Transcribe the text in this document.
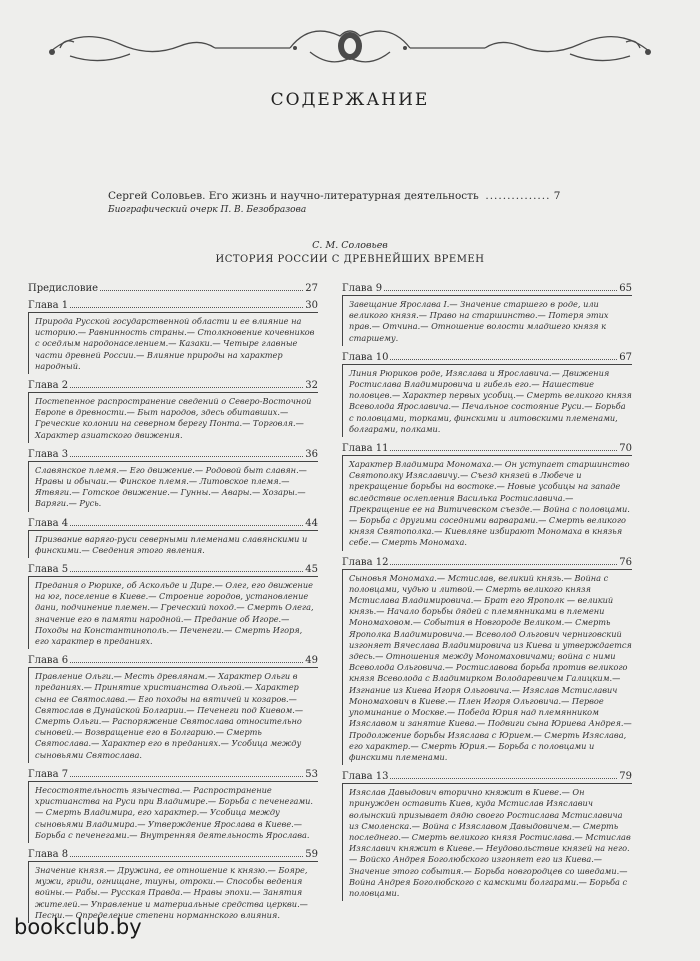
СОДЕРЖАНИЕ
Сергей Соловьев. Его жизнь и научно-литературная деятельность ............... 7
Биографический очерк П. В. Безобразова
С. М. Соловьев
ИСТОРИЯ РОССИИ С ДРЕВНЕЙШИХ ВРЕМЕН
Предисловие	27
Глава 1	30
Природа Русской государственной области и ее влияние на историю.— Равнинность страны.— Столкновение кочевников с оседлым народонаселением.— Казаки.— Четыре главные части древней России.— Влияние природы на характер народный.
Глава 2	32
Постепенное распространение сведений о Северо-Восточной Европе в древности.— Быт народов, здесь обитавших.— Греческие колонии на северном берегу Понта.— Торговля.— Характер азиатского движения.
Глава 3	36
Славянское племя.— Его движение.— Родовой быт славян.— Нравы и обычаи.— Финское племя.— Литовское племя.— Ятвяги.— Готское движение.— Гунны.— Авары.— Хозары.— Варяги.— Русь.
Глава 4	44
Призвание варяго-руси северными племенами славянскими и финскими.— Сведения этого явления.
Глава 5	45
Предания о Рюрике, об Аскольде и Дире.— Олег, его движение на юг, поселение в Киеве.— Строение городов, установление дани, подчинение племен.— Греческий поход.— Смерть Олега, значение его в памяти народной.— Предание об Игоре.— Походы на Константинополь.— Печенеги.— Смерть Игоря, его характер в преданиях.
Глава 6	49
Правление Ольги.— Месть древлянам.— Характер Ольги в преданиях.— Принятие христианства Ольгой.— Характер сына ее Святослава.— Его походы на вятичей и козаров.— Святослав в Дунайской Болгарии.— Печенеги под Киевом.— Смерть Ольги.— Распоряжение Святослава относительно сыновей.— Возвращение его в Болгарию.— Смерть Святослава.— Характер его в преданиях.— Усобица между сыновьями Святослава.
Глава 7	53
Несостоятельность язычества.— Распространение христианства на Руси при Владимире.— Борьба с печенегами.— Смерть Владимира, его характер.— Усобица между сыновьями Владимира.— Утверждение Ярослава в Киеве.— Борьба с печенегами.— Внутренняя деятельность Ярослава.
Глава 8	59
Значение князя.— Дружина, ее отношение к князю.— Бояре, мужи, гриди, огнищане, тиуны, отроки.— Способы ведения войны.— Рабы.— Русская Правда.— Нравы эпохи.— Занятия жителей.— Управление и материальные средства церкви.— Песни.— Определение степени норманнского влияния.
Глава 9	65
Завещание Ярослава I.— Значение старшего в роде, или великого князя.— Право на старшинство.— Потеря этих прав.— Отчина.— Отношение волости младшего князя к старшему.
Глава 10	67
Линия Рюриков роде, Изяслава и Ярославича.— Движения Ростислава Владимировича и гибель его.— Нашествие половцев.— Характер первых усобиц.— Смерть великого князя Всеволода Ярославича.— Печальное состояние Руси.— Борьба с половцами, торками, финскими и литовскими племенами, болгарами, полками.
Глава 11	70
Характер Владимира Мономаха.— Он уступает старшинство Святополку Изяславичу.— Съезд князей в Любече и прекращение борьбы на востоке.— Новые усобицы на западе вследствие ослепления Василька Ростиславича.— Прекращение ее на Витичевском съезде.— Война с половцами.— Борьба с другими соседними варварами.— Смерть великого князя Святополка.— Киевляне избирают Мономаха в князья себе.— Смерть Мономаха.
Глава 12	76
Сыновья Мономаха.— Мстислав, великий князь.— Война с половцами, чудью и литвой.— Смерть великого князя Мстислава Владимировича.— Брат его Ярополк — великий князь.— Начало борьбы дядей с племянниками в племени Мономаховом.— События в Новгороде Великом.— Смерть Ярополка Владимировича.— Всеволод Ольгович черниговский изгоняет Вячеслава Владимировича из Киева и утверждается здесь.— Отношения между Мономаховичами; война с ними Всеволода Ольговича.— Ростиславова борьба против великого князя Всеволода с Владимирком Володаревичем Галицким.— Изгнание из Киева Игоря Ольговича.— Изяслав Мстиславич Мономахович в Киеве.— Плен Игоря Ольговича.— Первое упоминание о Москве.— Победа Юрия над племянником Изяславом и занятие Киева.— Подвиги сына Юриева Андрея.— Продолжение борьбы Изяслава с Юрием.— Смерть Изяслава, его характер.— Смерть Юрия.— Борьба с половцами и финскими племенами.
Глава 13	79
Изяслав Давыдович вторично княжит в Киеве.— Он принужден оставить Киев, куда Мстислав Изяславич волынский призывает дядю своего Ростислава Мстиславича из Смоленска.— Война с Изяславом Давыдовичем.— Смерть последнего.— Смерть великого князя Ростислава.— Мстислав Изяславич княжит в Киеве.— Неудовольствие князей на него.— Войско Андрея Боголюбского изгоняет его из Киева.— Значение этого события.— Борьба новгородцев со шведами.— Война Андрея Боголюбского с камскими болгарами.— Борьба с половцами.
bookclub.by
